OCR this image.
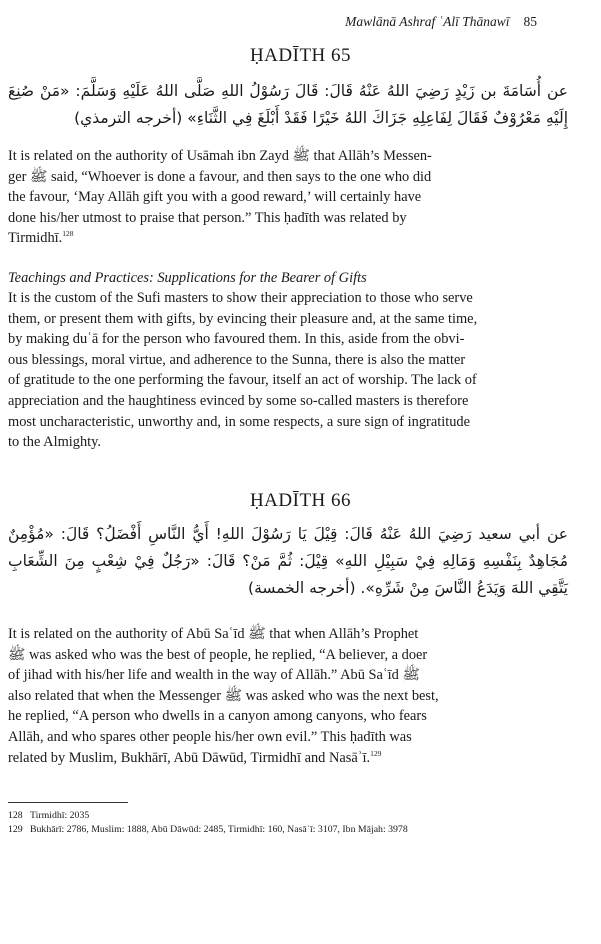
Mawlānā Ashraf ʿAlī Thānawī 85
ḤADĪTH 65
عن أُسَامَةَ بن زَيْدٍ رَضِيَ اللهُ عَنْهُ قَالَ: قَالَ رَسُوْلُ اللهِ صَلَّى اللهُ عَلَيْهِ وَسَلَّمَ: «مَنْ صُنِعَ إِلَيْهِ مَعْرُوْفٌ فَقَالَ لِفَاعِلِهِ جَزَاكَ اللهُ خَيْرًا فَقَدْ أَبْلَغَ فِي الثَّنَاءِ» (أخرجه الترمذي)
It is related on the authority of Usāmah ibn Zayd ﷺ that Allāh’s Messen-
ger ﷺ said, “Whoever is done a favour, and then says to the one who did
the favour, ‘May Allāh gift you with a good reward,’ will certainly have
done his/her utmost to praise that person.” This ḥadīth was related by
Tirmidhī.$^{128}$
Teachings and Practices: Supplications for the Bearer of Gifts
It is the custom of the Sufi masters to show their appreciation to those who serve
them, or present them with gifts, by evincing their pleasure and, at the same time,
by making duʿā for the person who favoured them. In this, aside from the obvi-
ous blessings, moral virtue, and adherence to the Sunna, there is also the matter
of gratitude to the one performing the favour, itself an act of worship. The lack of
appreciation and the haughtiness evinced by some so-called masters is therefore
most uncharacteristic, unworthy and, in some respects, a sure sign of ingratitude
to the Almighty.
ḤADĪTH 66
عن أبي سعيد رَضِيَ اللهُ عَنْهُ قَالَ: قِيْلَ يَا رَسُوْلَ اللهِ! أَيُّ النَّاسِ أَفْضَلُ؟ قَالَ: «مُؤْمِنٌ مُجَاهِدٌ بِنَفْسِهِ وَمَالِهِ فِيْ سَبِيْلِ اللهِ» قِيْلَ: ثُمَّ مَنْ؟ قَالَ: «رَجُلٌ فِيْ شِعْبٍ مِنَ الشِّعَابِ يَتَّقِي اللهَ وَيَدَعُ النَّاسَ مِنْ شَرِّهِ». (أخرجه الخمسة)
It is related on the authority of Abū Saʿīd ﷺ that when Allāh’s Prophet
ﷺ was asked who was the best of people, he replied, “A believer, a doer
of jihad with his/her life and wealth in the way of Allāh.” Abū Saʿīd ﷺ
also related that when the Messenger ﷺ was asked who was the next best,
he replied, “A person who dwells in a canyon among canyons, who fears
Allāh, and who spares other people his/her own evil.” This ḥadīth was
related by Muslim, Bukhārī, Abū Dāwūd, Tirmidhī and Nasāʾī.$^{129}$
128 Tirmidhī: 2035
129 Bukhārī: 2786, Muslim: 1888, Abū Dāwūd: 2485, Tirmidhī: 160, Nasāʾī: 3107, Ibn Mājah: 3978
